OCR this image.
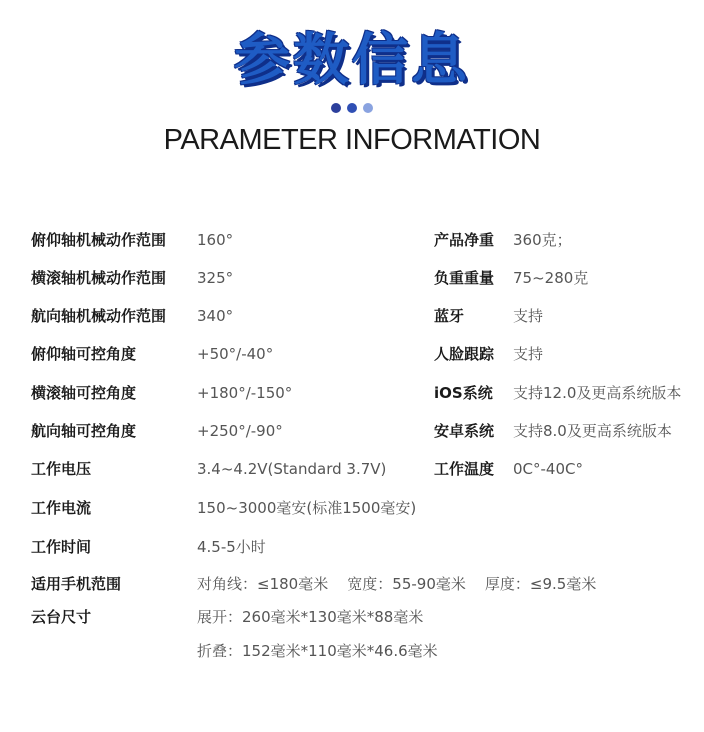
参数信息
PARAMETER INFORMATION
俯仰轴机械动作范围 160°	产品净重 360克；
横滚轴机械动作范围 325°	负重重量 75~280克
航向轴机械动作范围 340°	蓝牙	支持
俯仰轴可控角度	+50°/-40°	人脸跟踪 支持
横滚轴可控角度	+180°/-150°	iOS系统 支持12.0及更高系统版本
航向轴可控角度	+250°/-90°	安卓系统 支持8.0及更高系统版本
工作电压	3.4~4.2V(Standard 3.7V)	工作温度 0C°-40C°
工作电流	150~3000毫安(标准1500毫安)
工作时间	4.5-5小时
适用手机范围	对角线：≤180毫米    宽度：55-90毫米    厚度：≤9.5毫米
云台尺寸	展开：260毫米*130毫米*88毫米
折叠：152毫米*110毫米*46.6毫米
